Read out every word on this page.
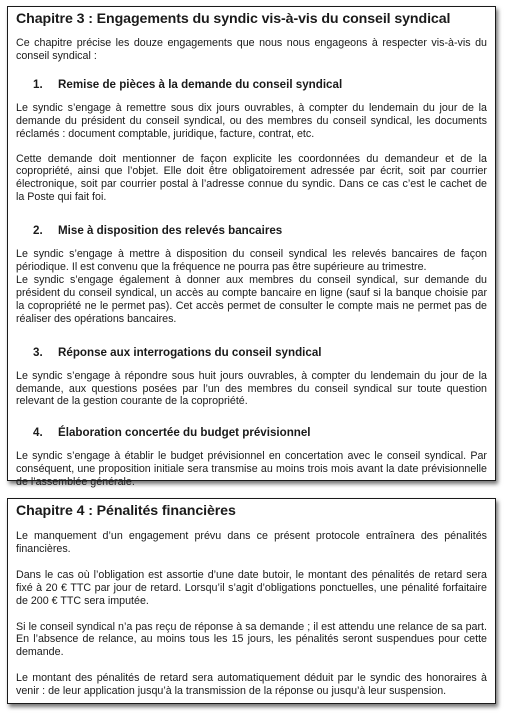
Chapitre 3 : Engagements du syndic vis-à-vis du conseil syndical

Ce chapitre précise les douze engagements que nous nous engageons à respecter vis-à-vis du conseil syndical :

1. Remise de pièces à la demande du conseil syndical

Le syndic s’engage à remettre sous dix jours ouvrables, à compter du lendemain du jour de la demande du président du conseil syndical, ou des membres du conseil syndical, les documents réclamés : document comptable, juridique, facture, contrat, etc.

Cette demande doit mentionner de façon explicite les coordonnées du demandeur et de la copropriété, ainsi que l’objet. Elle doit être obligatoirement adressée par écrit, soit par courrier électronique, soit par courrier postal à l’adresse connue du syndic. Dans ce cas c’est le cachet de la Poste qui fait foi.

2. Mise à disposition des relevés bancaires

Le syndic s’engage à mettre à disposition du conseil syndical les relevés bancaires de façon périodique. Il est convenu que la fréquence ne pourra pas être supérieure au trimestre.

Le syndic s’engage également à donner aux membres du conseil syndical, sur demande du président du conseil syndical, un accès au compte bancaire en ligne (sauf si la banque choisie par la copropriété ne le permet pas). Cet accès permet de consulter le compte mais ne permet pas de réaliser des opérations bancaires.

3. Réponse aux interrogations du conseil syndical

Le syndic s’engage à répondre sous huit jours ouvrables, à compter du lendemain du jour de la demande, aux questions posées par l’un des membres du conseil syndical sur toute question relevant de la gestion courante de la copropriété.

4. Élaboration concertée du budget prévisionnel

Le syndic s’engage à établir le budget prévisionnel en concertation avec le conseil syndical. Par conséquent, une proposition initiale sera transmise au moins trois mois avant la date prévisionnelle de l’assemblée générale.

Chapitre 4 : Pénalités financières

Le manquement d’un engagement prévu dans ce présent protocole entraînera des pénalités financières.

Dans le cas où l’obligation est assortie d’une date butoir, le montant des pénalités de retard sera fixé à 20 € TTC par jour de retard. Lorsqu’il s’agit d’obligations ponctuelles, une pénalité forfaitaire de 200 € TTC sera imputée.

Si le conseil syndical n’a pas reçu de réponse à sa demande ; il est attendu une relance de sa part. En l’absence de relance, au moins tous les 15 jours, les pénalités seront suspendues pour cette demande.

Le montant des pénalités de retard sera automatiquement déduit par le syndic des honoraires à venir : de leur application jusqu’à la transmission de la réponse ou jusqu’à leur suspension.
